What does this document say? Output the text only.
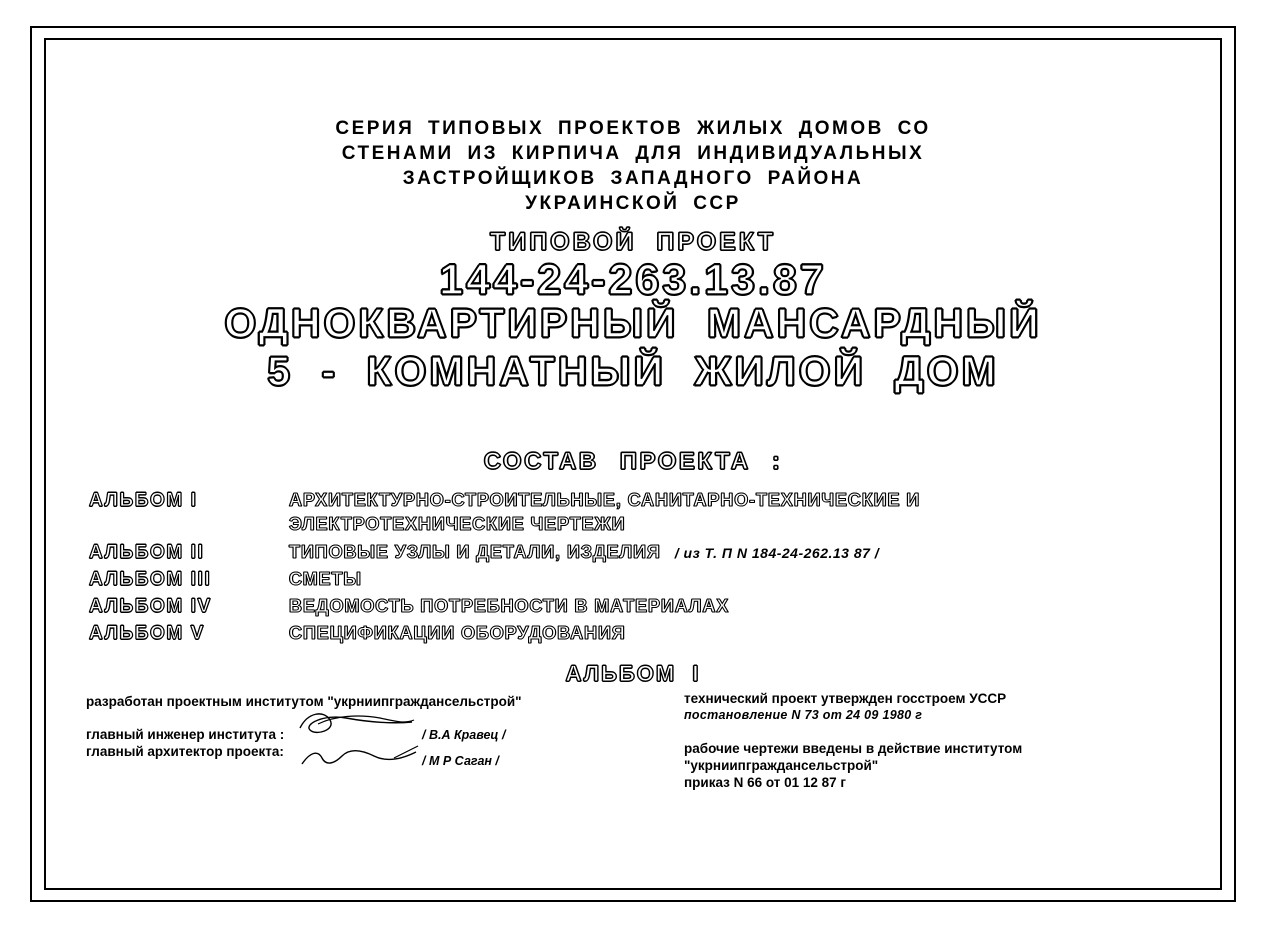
СЕРИЯ ТИПОВЫХ ПРОЕКТОВ ЖИЛЫХ ДОМОВ СО
СТЕНАМИ ИЗ КИРПИЧА ДЛЯ ИНДИВИДУАЛЬНЫХ
ЗАСТРОЙЩИКОВ ЗАПАДНОГО РАЙОНА
УКРАИНСКОЙ ССР
ТИПОВОЙ ПРОЕКТ
144-24-263.13.87
ОДНОКВАРТИРНЫЙ МАНСАРДНЫЙ
5 - КОМНАТНЫЙ ЖИЛОЙ ДОМ
СОСТАВ ПРОЕКТА :
АЛЬБОМ I	АРХИТЕКТУРНО-СТРОИТЕЛЬНЫЕ, САНИТАРНО-ТЕХНИЧЕСКИЕ И
ЭЛЕКТРОТЕХНИЧЕСКИЕ ЧЕРТЕЖИ
АЛЬБОМ II	ТИПОВЫЕ УЗЛЫ И ДЕТАЛИ, ИЗДЕЛИЯ / из Т. П N 184-24-262.13 87 /
АЛЬБОМ III	СМЕТЫ
АЛЬБОМ IV	ВЕДОМОСТЬ ПОТРЕБНОСТИ В МАТЕРИАЛАХ
АЛЬБОМ V	СПЕЦИФИКАЦИИ ОБОРУДОВАНИЯ
АЛЬБОМ I
разработан проектным институтом "укрниипграждансельстрой"
главный инженер института :
главный архитектор проекта:
/ В.А Кравец /
/ М Р Саган /
технический проект утвержден госстроем УССР
постановление N 73 от 24 09 1980 г
рабочие чертежи введены в действие институтом
"укрниипграждансельстрой"
приказ N 66 от 01 12 87 г
